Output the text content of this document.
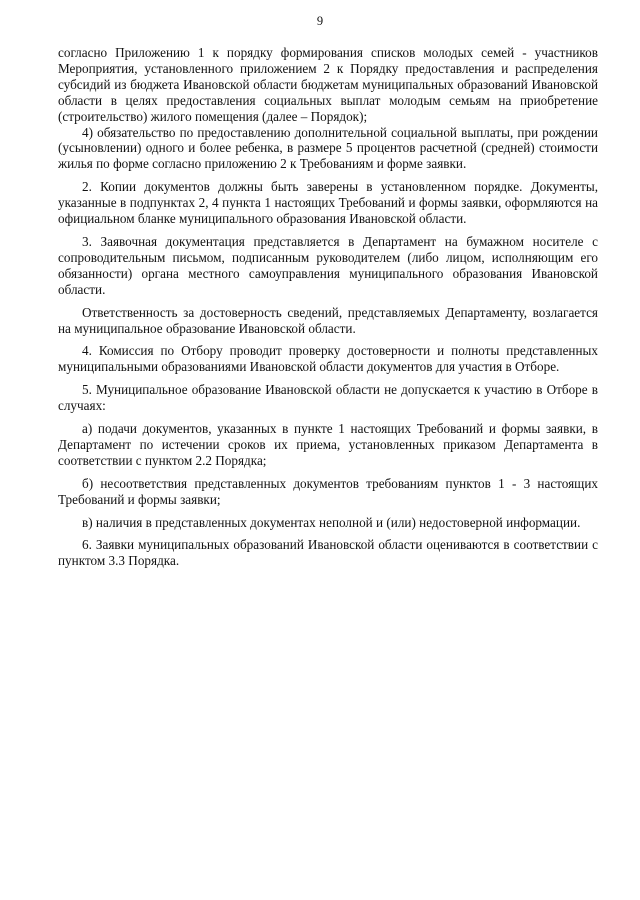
9

согласно Приложению 1 к порядку формирования списков молодых семей - участников Мероприятия, установленного приложением 2 к Порядку предоставления и распределения субсидий из бюджета Ивановской области бюджетам муниципальных образований Ивановской области в целях предоставления социальных выплат молодым семьям на приобретение (строительство) жилого помещения (далее – Порядок);

4) обязательство по предоставлению дополнительной социальной выплаты, при рождении (усыновлении) одного и более ребенка, в размере 5 процентов расчетной (средней) стоимости жилья по форме согласно приложению 2 к Требованиям и форме заявки.

2. Копии документов должны быть заверены в установленном порядке. Документы, указанные в подпунктах 2, 4 пункта 1 настоящих Требований и формы заявки, оформляются на официальном бланке муниципального образования Ивановской области.

3. Заявочная документация представляется в Департамент на бумажном носителе с сопроводительным письмом, подписанным руководителем (либо лицом, исполняющим его обязанности) органа местного самоуправления муниципального образования Ивановской области.

Ответственность за достоверность сведений, представляемых Департаменту, возлагается на муниципальное образование Ивановской области.

4. Комиссия по Отбору проводит проверку достоверности и полноты представленных муниципальными образованиями Ивановской области документов для участия в Отборе.

5. Муниципальное образование Ивановской области не допускается к участию в Отборе в случаях:

а) подачи документов, указанных в пункте 1 настоящих Требований и формы заявки, в Департамент по истечении сроков их приема, установленных приказом Департамента в соответствии с пунктом 2.2 Порядка;

б) несоответствия представленных документов требованиям пунктов 1 - 3 настоящих Требований и формы заявки;

в) наличия в представленных документах неполной и (или) недостоверной информации.

6. Заявки муниципальных образований Ивановской области оцениваются в соответствии с пунктом 3.3 Порядка.
